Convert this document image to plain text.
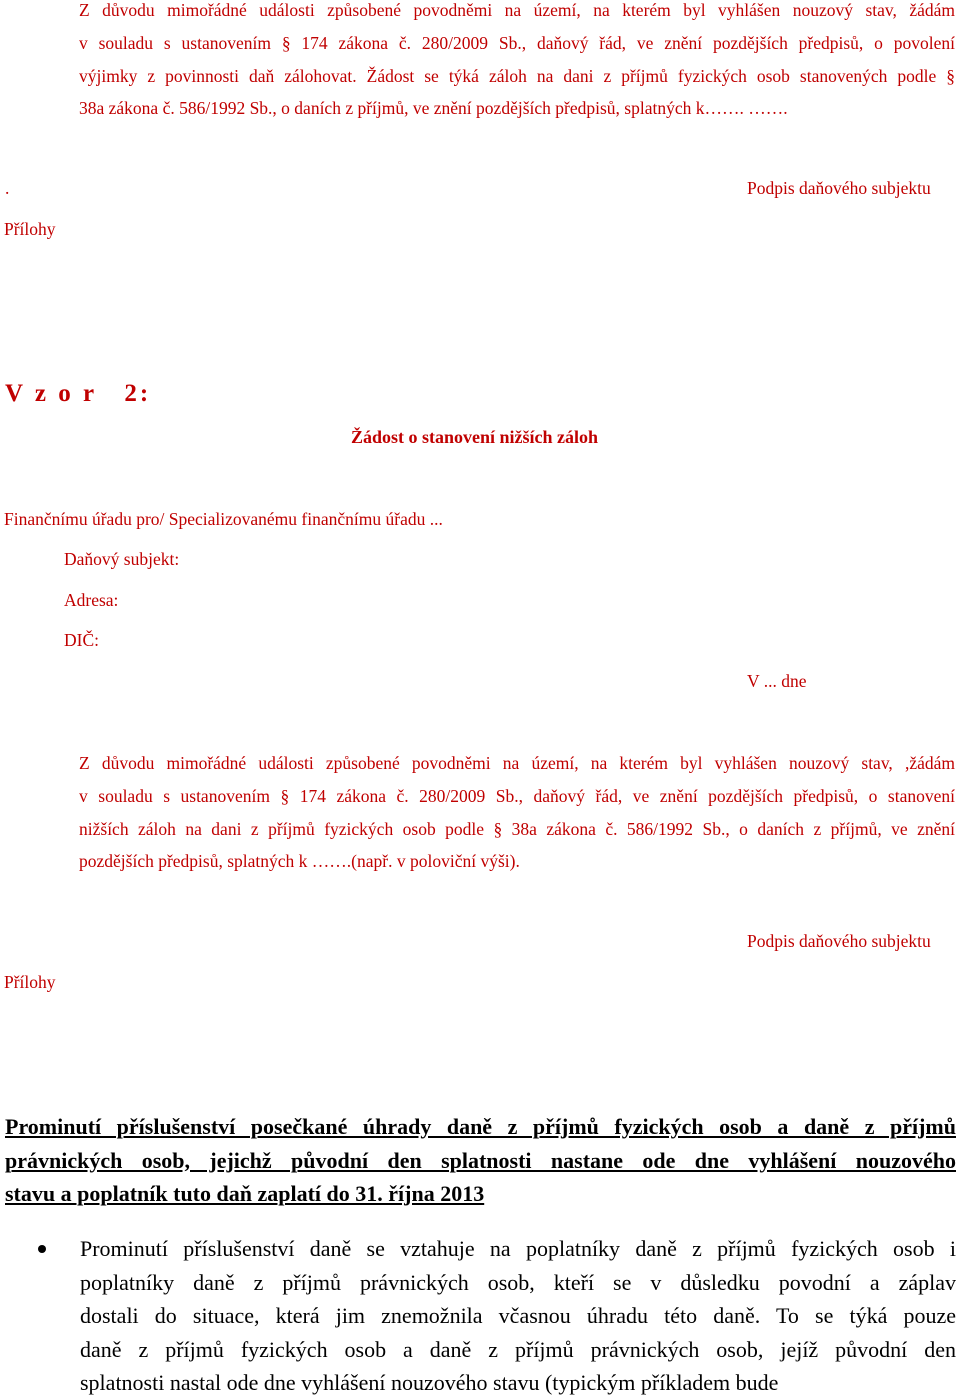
Z důvodu mimořádné události způsobené povodněmi na území, na kterém byl vyhlášen nouzový stav, žádám

v souladu s ustanovením § 174 zákona č. 280/2009 Sb., daňový řád, ve znění pozdějších předpisů, o povolení

výjimky z povinnosti daň zálohovat. Žádost se týká záloh na dani z příjmů fyzických osob stanovených podle §

38a zákona č. 586/1992 Sb., o daních z příjmů, ve znění pozdějších předpisů, splatných k……. …….

.	Podpis daňového subjektu
Přílohy
V z o r   2:
Žádost o stanovení nižších záloh
Finančnímu úřadu pro/ Specializovanému finančnímu úřadu ...
Daňový subjekt:
Adresa:
DIČ:
V ... dne

Z důvodu mimořádné události způsobené povodněmi na území, na kterém byl vyhlášen nouzový stav, ,žádám

v souladu s ustanovením § 174 zákona č. 280/2009 Sb., daňový řád, ve znění pozdějších předpisů, o stanovení

nižších záloh na dani z příjmů fyzických osob podle § 38a zákona č. 586/1992 Sb., o daních z příjmů, ve znění

pozdějších předpisů, splatných k …….(např. v poloviční výši).

Podpis daňového subjektu
Přílohy
Prominutí příslušenství posečkané úhrady daně z příjmů fyzických osob a daně z příjmů
právnických osob, jejichž původní den splatnosti nastane ode dne vyhlášení nouzového
stavu a poplatník tuto daň zaplatí do 31. října 2013
Prominutí příslušenství daně se vztahuje na poplatníky daně z příjmů fyzických osob i
poplatníky daně z příjmů právnických osob, kteří se v důsledku povodní a záplav
dostali do situace, která jim znemožnila včasnou úhradu této daně. To se týká pouze
daně z příjmů fyzických osob a daně z příjmů právnických osob, jejíž původní den
splatnosti nastal ode dne vyhlášení nouzového stavu (typickým příkladem bude
